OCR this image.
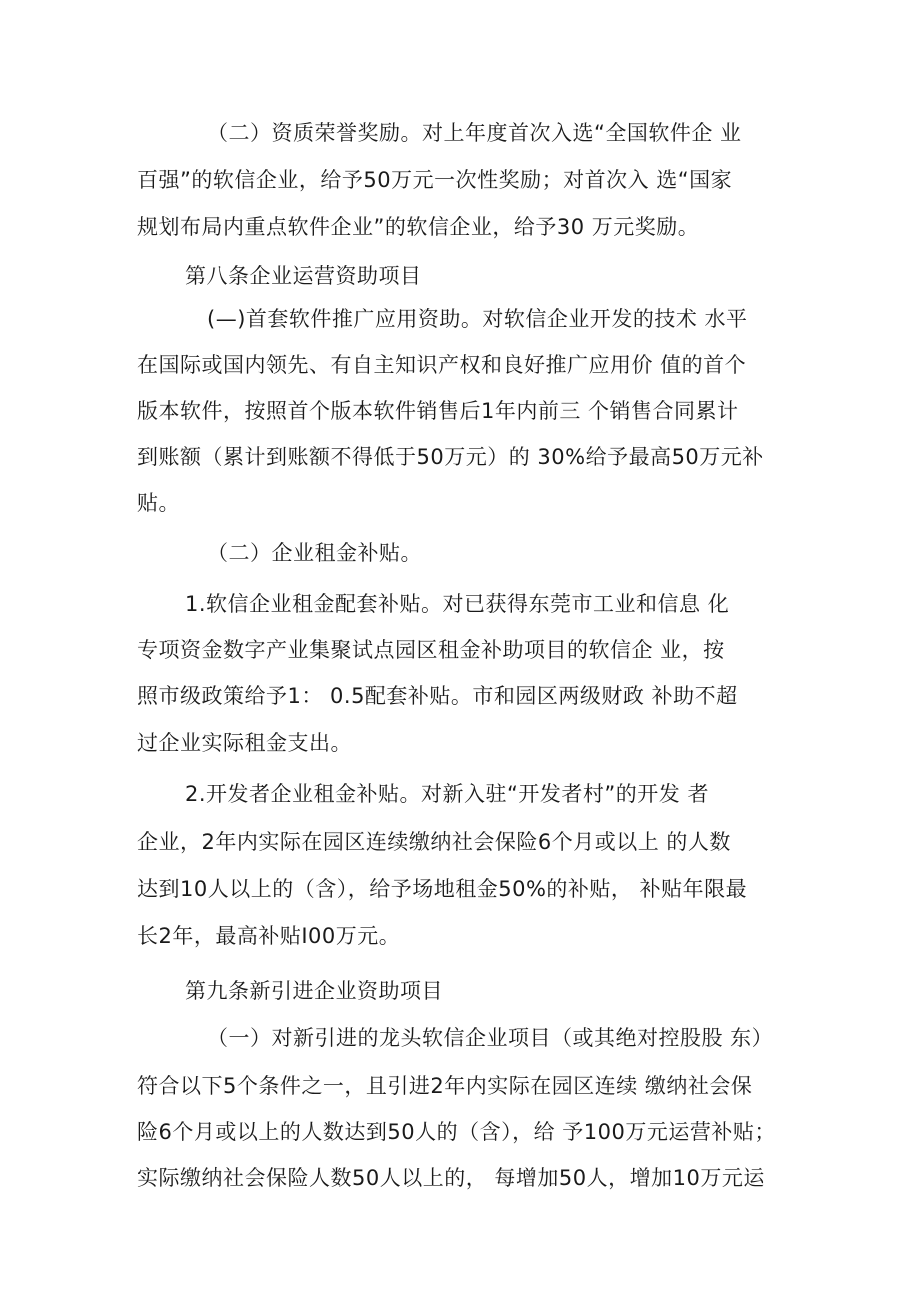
（二）资质荣誉奖励。对上年度首次入选“全国软件企 业
百强”的软信企业，给予50万元一次性奖励；对首次入 选“国家
规划布局内重点软件企业”的软信企业，给予30 万元奖励。
第八条企业运营资助项目
(—)首套软件推广应用资助。对软信企业开发的技术 水平
在国际或国内领先、有自主知识产权和良好推广应用价 值的首个
版本软件，按照首个版本软件销售后1年内前三 个销售合同累计
到账额（累计到账额不得低于50万元）的 30%给予最高50万元补
贴。
（二）企业租金补贴。
1.软信企业租金配套补贴。对已获得东莞市工业和信息 化
专项资金数字产业集聚试点园区租金补助项目的软信企 业，按
照市级政策给予1： 0.5配套补贴。市和园区两级财政 补助不超
过企业实际租金支出。
2.开发者企业租金补贴。对新入驻“开发者村”的开发 者
企业，2年内实际在园区连续缴纳社会保险6个月或以上 的人数
达到10人以上的（含），给予场地租金50%的补贴， 补贴年限最
长2年，最高补贴I00万元。
第九条新引进企业资助项目
（一）对新引进的龙头软信企业项目（或其绝对控股股 东）
符合以下5个条件之一，且引进2年内实际在园区连续 缴纳社会保
险6个月或以上的人数达到50人的（含），给 予100万元运营补贴；
实际缴纳社会保险人数50人以上的， 每增加50人，增加10万元运
